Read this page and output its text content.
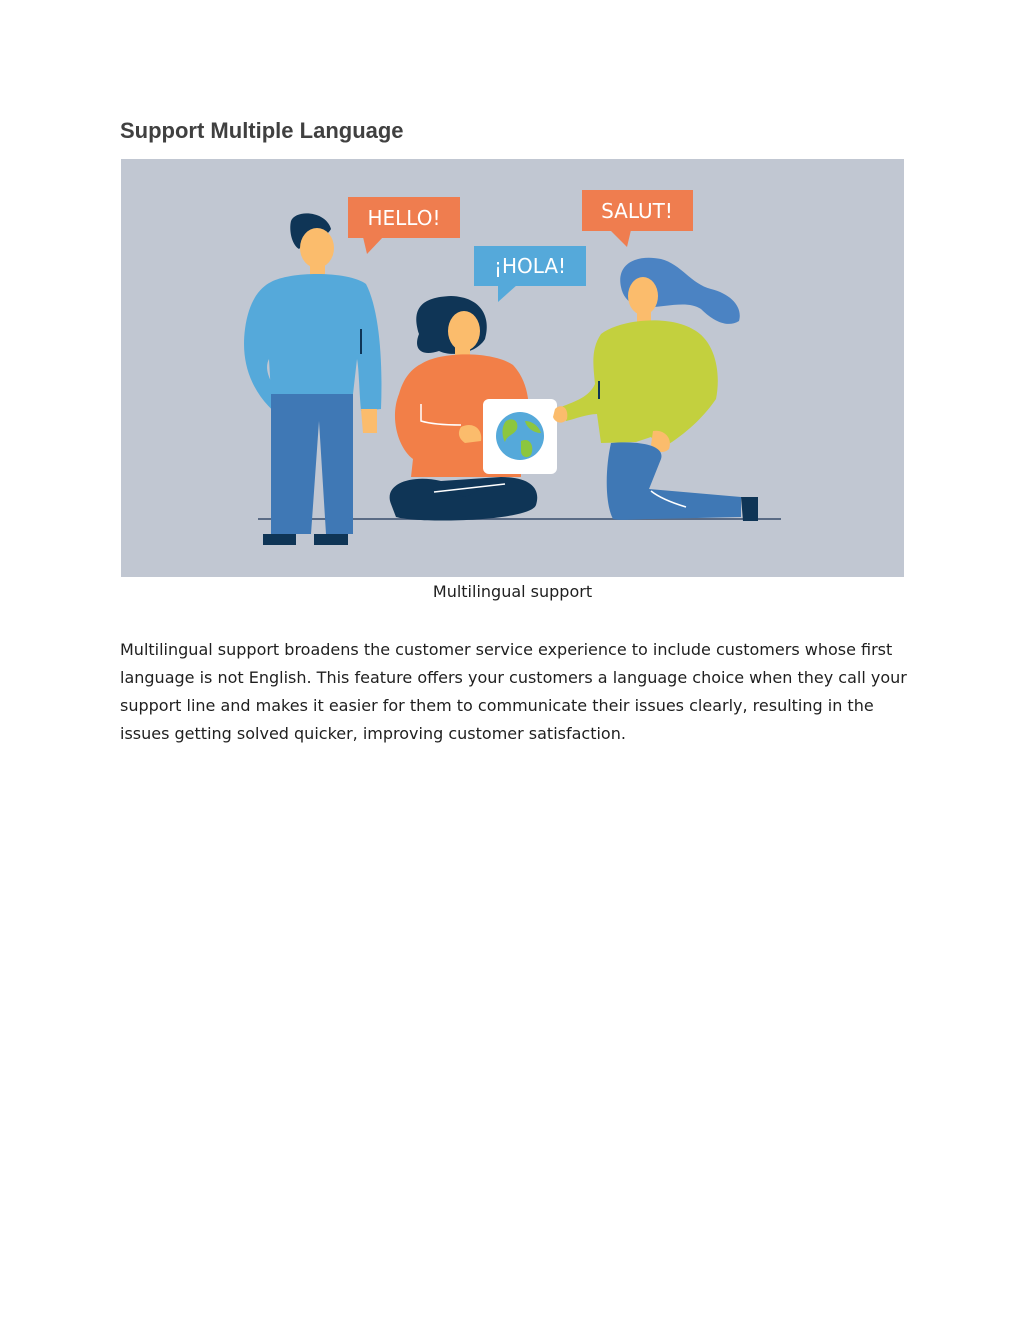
Support Multiple Language
HELLO!
¡HOLA!
SALUT!

Multilingual support

Multilingual support broadens the customer service experience to include customers whose first language is not English. This feature offers your customers a language choice when they call your support line and makes it easier for them to communicate their issues clearly, resulting in the issues getting solved quicker, improving customer satisfaction.
